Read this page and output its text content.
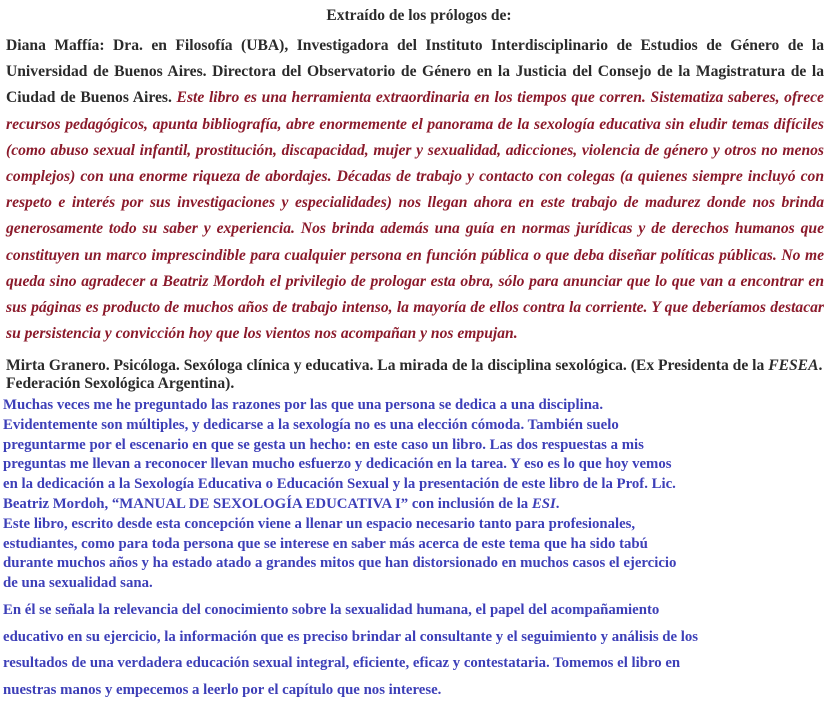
Extraído de los prólogos de:
Diana Maffía: Dra. en Filosofía (UBA), Investigadora del Instituto Interdisciplinario de Estudios de Género de la Universidad de Buenos Aires. Directora del Observatorio de Género en la Justicia del Consejo de la Magistratura de la Ciudad de Buenos Aires. Este libro es una herramienta extraordinaria en los tiempos que corren. Sistematiza saberes, ofrece recursos pedagógicos, apunta bibliografía, abre enormemente el panorama de la sexología educativa sin eludir temas difíciles (como abuso sexual infantil, prostitución, discapacidad, mujer y sexualidad, adicciones, violencia de género y otros no menos complejos) con una enorme riqueza de abordajes. Décadas de trabajo y contacto con colegas (a quienes siempre incluyó con respeto e interés por sus investigaciones y especialidades) nos llegan ahora en este trabajo de madurez donde nos brinda generosamente todo su saber y experiencia. Nos brinda además una guía en normas jurídicas y de derechos humanos que constituyen un marco imprescindible para cualquier persona en función pública o que deba diseñar políticas públicas. No me queda sino agradecer a Beatriz Mordoh el privilegio de prologar esta obra, sólo para anunciar que lo que van a encontrar en sus páginas es producto de muchos años de trabajo intenso, la mayoría de ellos contra la corriente. Y que deberíamos destacar su persistencia y convicción hoy que los vientos nos acompañan y nos empujan.
Mirta Granero. Psicóloga. Sexóloga clínica y educativa. La mirada de la disciplina sexológica. (Ex Presidenta de la FESEA. Federación Sexológica Argentina).
Muchas veces me he preguntado las razones por las que una persona se dedica a una disciplina.
Evidentemente son múltiples, y dedicarse a la sexología no es una elección cómoda. También suelo
preguntarme por el escenario en que se gesta un hecho: en este caso un libro. Las dos respuestas a mis
preguntas me llevan a reconocer llevan mucho esfuerzo y dedicación en la tarea. Y eso es lo que hoy vemos
en la dedicación a la Sexología Educativa o Educación Sexual y la presentación de este libro de la Prof. Lic.
Beatriz Mordoh, “MANUAL DE SEXOLOGÍA EDUCATIVA I” con inclusión de la ESI.
Este libro, escrito desde esta concepción viene a llenar un espacio necesario tanto para profesionales,
estudiantes, como para toda persona que se interese en saber más acerca de este tema que ha sido tabú
durante muchos años y ha estado atado a grandes mitos que han distorsionado en muchos casos el ejercicio
de una sexualidad sana.
En él se señala la relevancia del conocimiento sobre la sexualidad humana, el papel del acompañamiento
educativo en su ejercicio, la información que es preciso brindar al consultante y el seguimiento y análisis de los
resultados de una verdadera educación sexual integral, eficiente, eficaz y contestataria. Tomemos el libro en
nuestras manos y empecemos a leerlo por el capítulo que nos interese.
